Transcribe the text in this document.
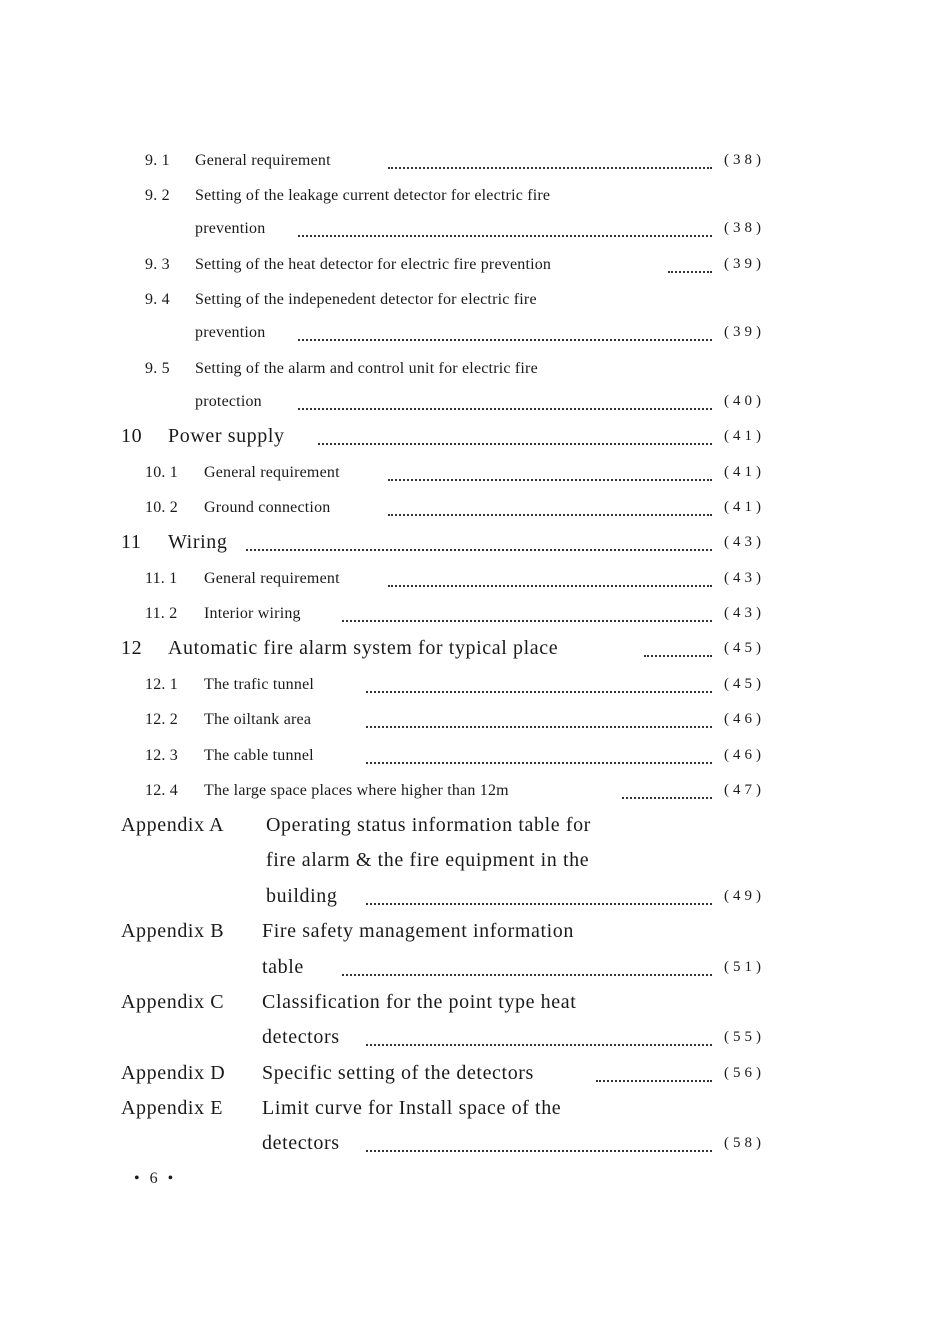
9. 1 General requirement	(38)
9. 2 Setting of the leakage current detector for electric fire
prevention	(38)
9. 3 Setting of the heat detector for electric fire prevention	(39)
9. 4 Setting of the indepenedent detector for electric fire
prevention	(39)
9. 5 Setting of the alarm and control unit for electric fire
protection	(40)
10 Power supply	(41)
10. 1 General requirement	(41)
10. 2 Ground connection	(41)
11 Wiring	(43)
11. 1 General requirement	(43)
11. 2 Interior wiring	(43)
12 Automatic fire alarm system for typical place	(45)
12. 1 The trafic tunnel	(45)
12. 2 The oiltank area	(46)
12. 3 The cable tunnel	(46)
12. 4 The large space places where higher than 12m	(47)
Appendix A Operating status information table for
fire alarm & the fire equipment in the
building	(49)
Appendix B Fire safety management information
table	(51)
Appendix C Classification for the point type heat
detectors	(55)
Appendix D Specific setting of the detectors	(56)
Appendix E Limit curve for Install space of the
detectors	(58)
• 6 •
